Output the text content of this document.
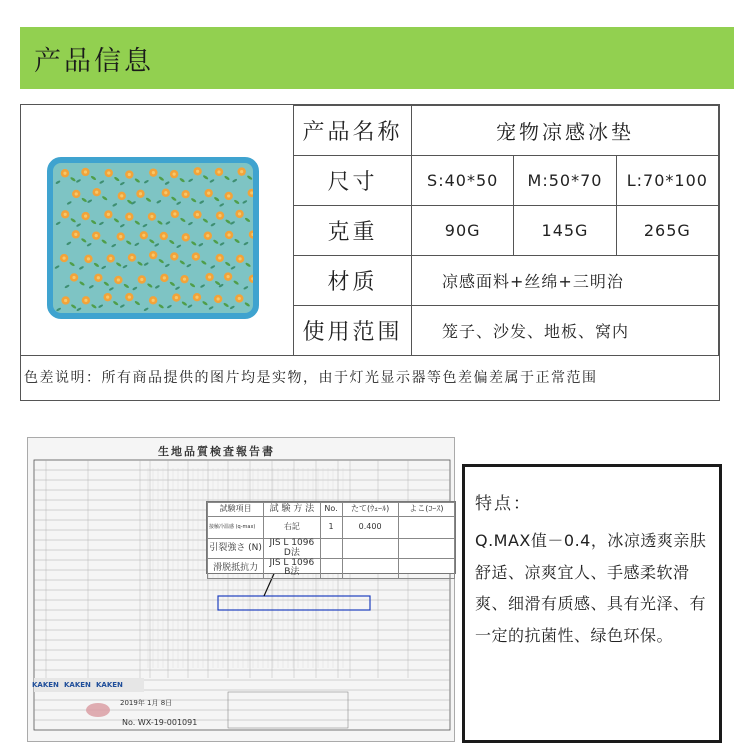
产品信息
产品名称	宠物凉感冰垫		
尺寸	S:40*50	M:50*70	L:70*100
克重	90G	145G	265G
材质	凉感面料+丝绵+三明治		
使用范围	笼子、沙发、地板、窝内		
色差说明：所有商品提供的图片均是实物，由于灯光显示器等色差偏差属于正常范围
生地品質検査報告書
KAKEN KAKEN KAKEN
2019年 1月 8日
No. WX-19-001091
試験項目	試 験 方 法	No.	たて(ｳｪｰﾙ)	よこ(ｺｰｽ)
接触冷温感 (q-max)	右記	1	0.400	
引裂強さ (N)	JIS L 1096 D法			
滑脱抵抗力	JIS L 1096 B法			
特点：
Q.MAX值－0.4，冰凉透爽亲肤舒适、凉爽宜人、手感柔软滑爽、细滑有质感、具有光泽、有一定的抗菌性、绿色环保。
